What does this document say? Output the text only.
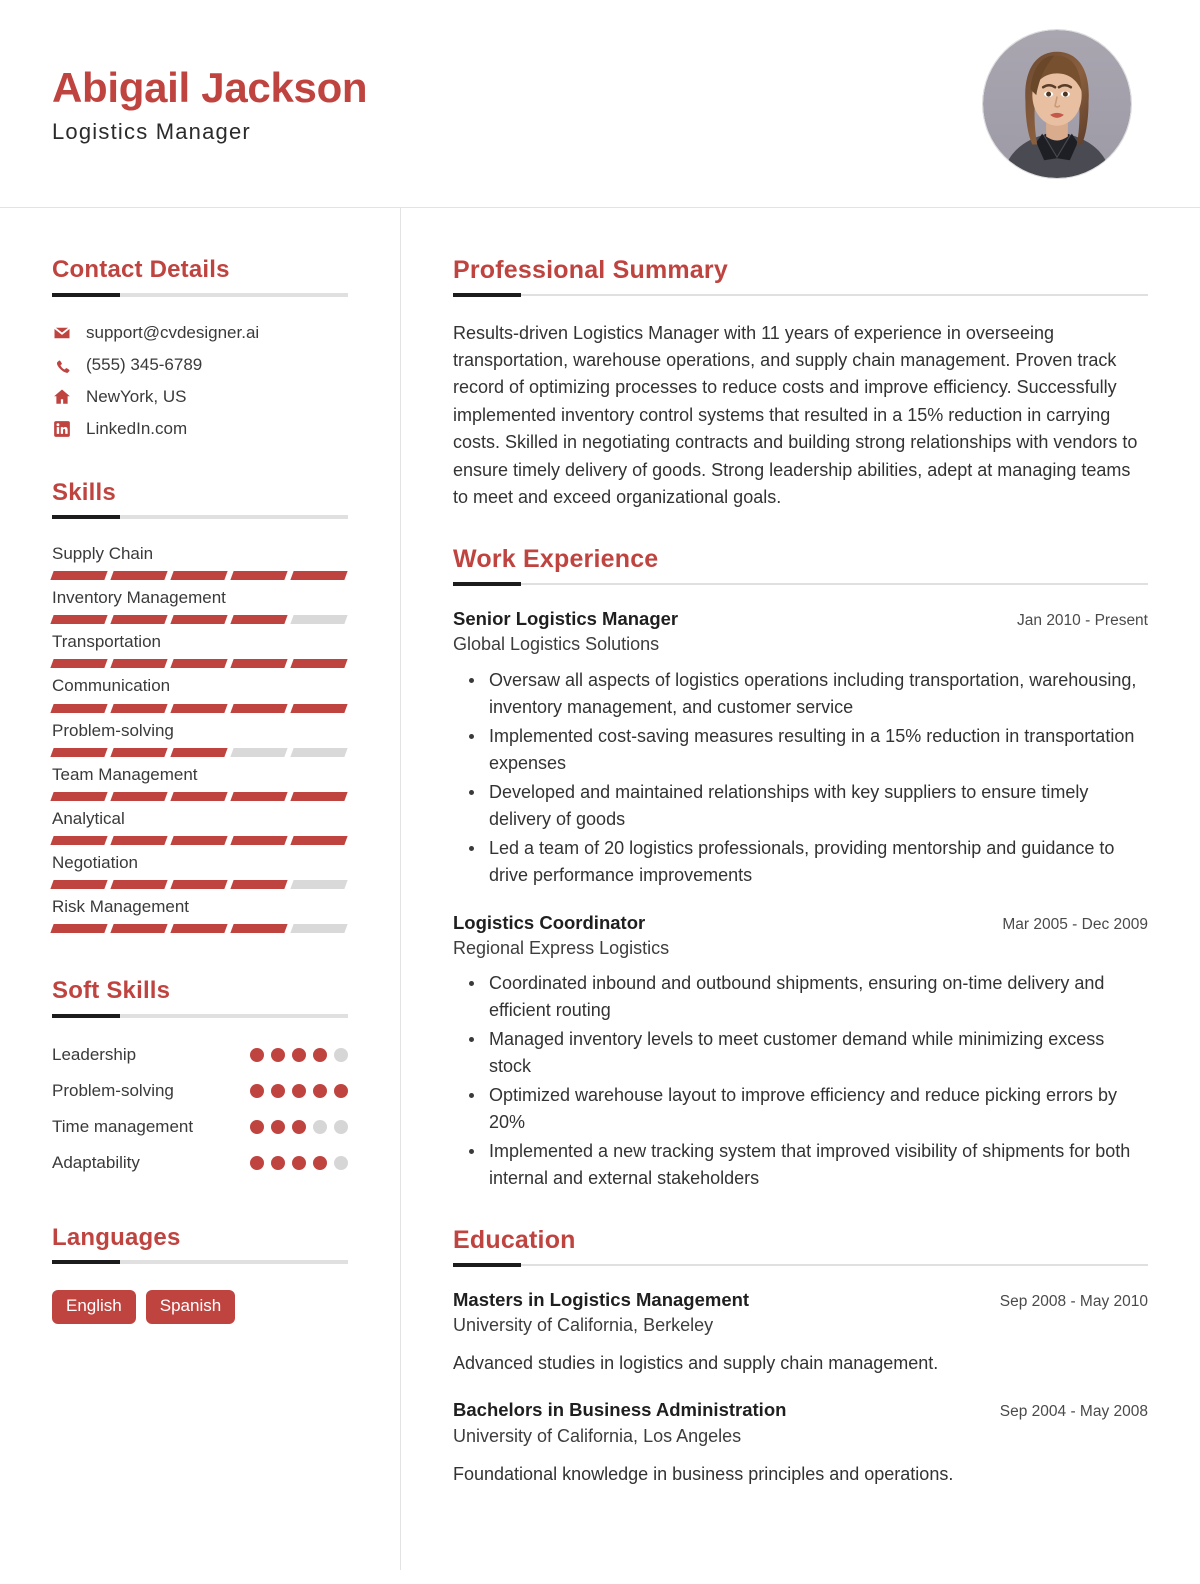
Abigail Jackson
Logistics Manager
Contact Details
support@cvdesigner.ai
(555) 345-6789
NewYork, US
LinkedIn.com
Skills
Supply Chain
Inventory Management
Transportation
Communication
Problem-solving
Team Management
Analytical
Negotiation
Risk Management
Soft Skills
Leadership
Problem-solving
Time management
Adaptability
Languages
English	Spanish
Professional Summary

Results-driven Logistics Manager with 11 years of experience in overseeing transportation, warehouse operations, and supply chain management. Proven track record of optimizing processes to reduce costs and improve efficiency. Successfully implemented inventory control systems that resulted in a 15% reduction in carrying costs. Skilled in negotiating contracts and building strong relationships with vendors to ensure timely delivery of goods. Strong leadership abilities, adept at managing teams to meet and exceed organizational goals.

Work Experience
Senior Logistics Manager	Jan 2010 - Present
Global Logistics Solutions
Oversaw all aspects of logistics operations including transportation, warehousing, inventory management, and customer service
Implemented cost-saving measures resulting in a 15% reduction in transportation expenses
Developed and maintained relationships with key suppliers to ensure timely delivery of goods
Led a team of 20 logistics professionals, providing mentorship and guidance to drive performance improvements
Logistics Coordinator	Mar 2005 - Dec 2009
Regional Express Logistics
Coordinated inbound and outbound shipments, ensuring on-time delivery and efficient routing
Managed inventory levels to meet customer demand while minimizing excess stock
Optimized warehouse layout to improve efficiency and reduce picking errors by 20%
Implemented a new tracking system that improved visibility of shipments for both internal and external stakeholders
Education
Masters in Logistics Management	Sep 2008 - May 2010
University of California, Berkeley
Advanced studies in logistics and supply chain management.
Bachelors in Business Administration	Sep 2004 - May 2008
University of California, Los Angeles
Foundational knowledge in business principles and operations.
